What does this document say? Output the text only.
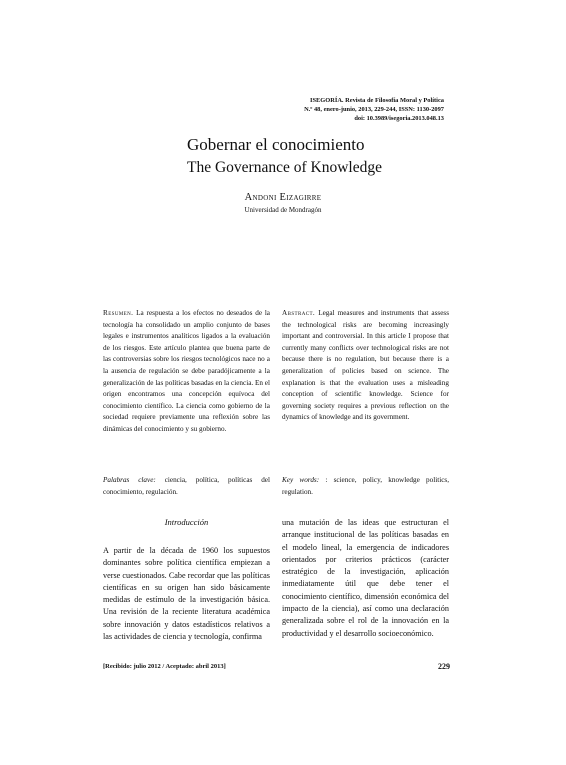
ISEGORÍA. Revista de Filosofía Moral y Política
N.º 48, enero-junio, 2013, 229-244, ISSN: 1130-2097
doi: 10.3989/isegoria.2013.048.13
Gobernar el conocimiento
The Governance of Knowledge
Andoni Eizagirre
Universidad de Mondragón
Resumen. La respuesta a los efectos no deseados de la tecnología ha consolidado un amplio conjunto de bases legales e instrumentos analíticos ligados a la evaluación de los riesgos. Este artículo plantea que buena parte de las controversias sobre los riesgos tecnológicos nace no a la ausencia de regulación se debe paradójicamente a la generalización de las políticas basadas en la ciencia. En el origen encontramos una concepción equívoca del conocimiento científico. La ciencia como gobierno de la sociedad requiere previamente una reflexión sobre las dinámicas del conocimiento y su gobierno.
Abstract. Legal measures and instruments that assess the technological risks are becoming increasingly important and controversial. In this article I propose that currently many conflicts over technological risks are not because there is no regulation, but because there is a generalization of policies based on science. The explanation is that the evaluation uses a misleading conception of scientific knowledge. Science for governing society requires a previous reflection on the dynamics of knowledge and its government.
Palabras clave: ciencia, política, políticas del conocimiento, regulación.
Key words: : science, policy, knowledge politics, regulation.
Introducción
A partir de la década de 1960 los supuestos dominantes sobre política científica empiezan a verse cuestionados. Cabe recordar que las políticas científicas en su origen han sido básicamente medidas de estímulo de la investigación básica. Una revisión de la reciente literatura académica sobre innovación y datos estadísticos relativos a las actividades de ciencia y tecnología, confirma
una mutación de las ideas que estructuran el arranque institucional de las políticas basadas en el modelo lineal, la emergencia de indicadores orientados por criterios prácticos (carácter estratégico de la investigación, aplicación inmediatamente útil que debe tener el conocimiento científico, dimensión económica del impacto de la ciencia), así como una declaración generalizada sobre el rol de la innovación en la productividad y el desarrollo socioeconómico.
[Recibido: julio 2012 / Aceptado: abril 2013]	229
